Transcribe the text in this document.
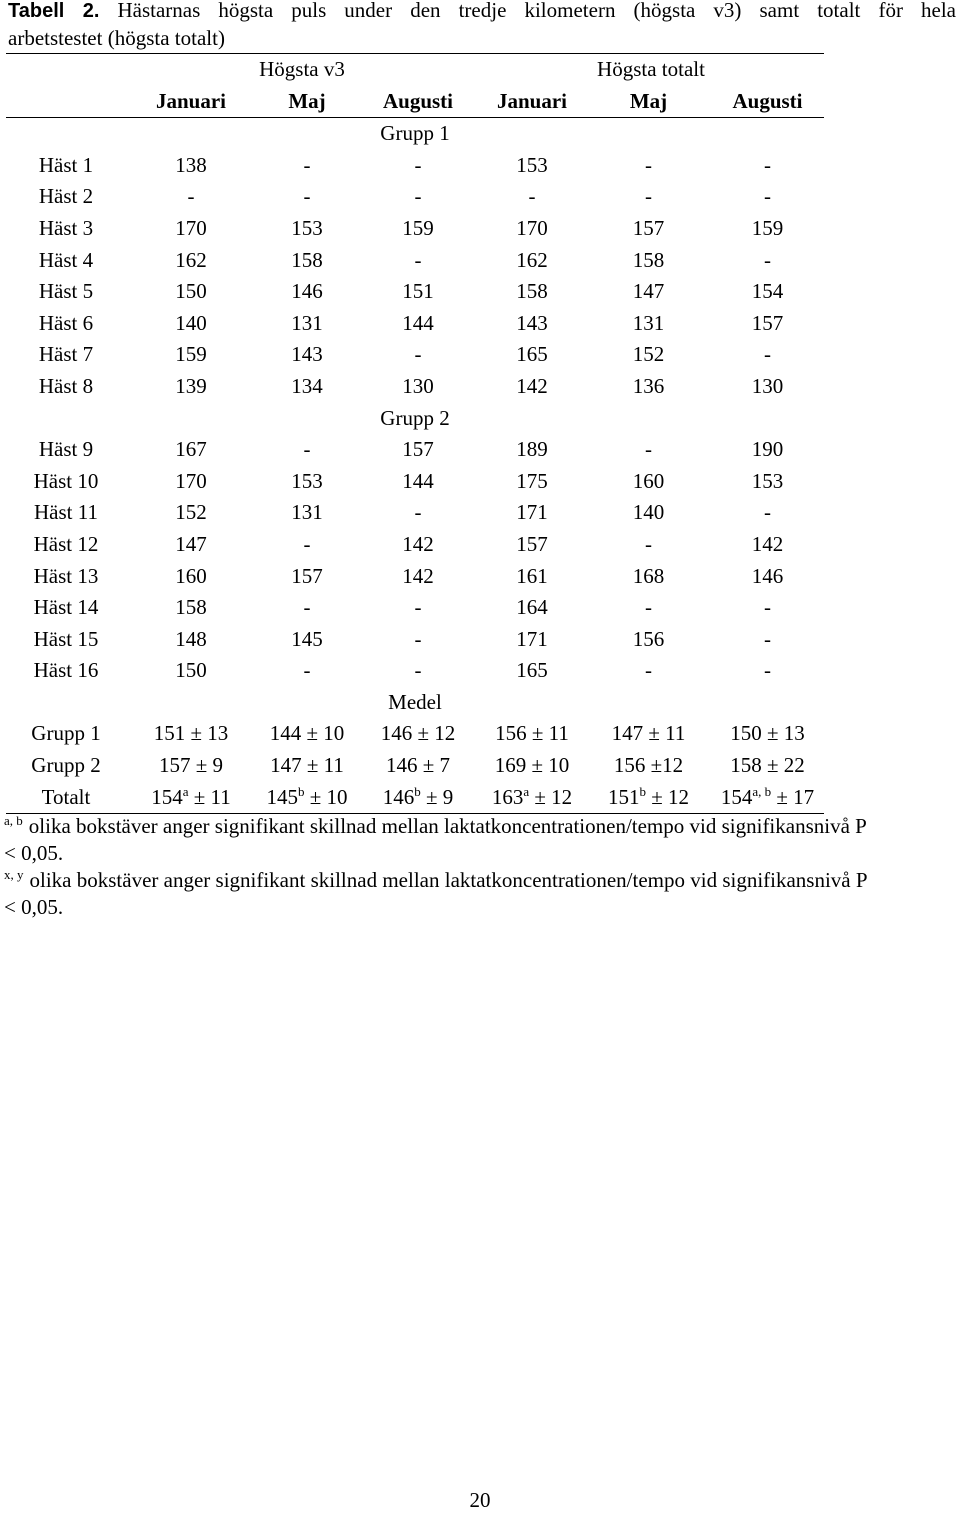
Tabell 2. Hästarnas högsta puls under den tredje kilometern (högsta v3) samt totalt för hela
arbetstestet (högsta totalt)
	Högsta v3			Högsta totalt		
	Januari	Maj	Augusti	Januari	Maj	Augusti
Grupp 1						
Häst 1	138	-	-	153	-	-
Häst 2	-	-	-	-	-	-
Häst 3	170	153	159	170	157	159
Häst 4	162	158	-	162	158	-
Häst 5	150	146	151	158	147	154
Häst 6	140	131	144	143	131	157
Häst 7	159	143	-	165	152	-
Häst 8	139	134	130	142	136	130
Grupp 2						
Häst 9	167	-	157	189	-	190
Häst 10	170	153	144	175	160	153
Häst 11	152	131	-	171	140	-
Häst 12	147	-	142	157	-	142
Häst 13	160	157	142	161	168	146
Häst 14	158	-	-	164	-	-
Häst 15	148	145	-	171	156	-
Häst 16	150	-	-	165	-	-
Medel						
Grupp 1	151 ± 13	144 ± 10	146 ± 12	156 ± 11	147 ± 11	150 ± 13
Grupp 2	157 ± 9	147 ± 11	146 ± 7	169 ± 10	156 ±12	158 ± 22
Totalt	$154^a \pm 11$	$145^b \pm 10$	$146^b \pm 9$	$163^a \pm 12$	$151^b \pm 12$	$154^{a, b} \pm 17$
$^{a, b}$ olika bokstäver anger signifikant skillnad mellan laktatkoncentrationen/tempo vid signifikansnivå P
< 0,05.
$^{x, y}$ olika bokstäver anger signifikant skillnad mellan laktatkoncentrationen/tempo vid signifikansnivå P
< 0,05.
20
